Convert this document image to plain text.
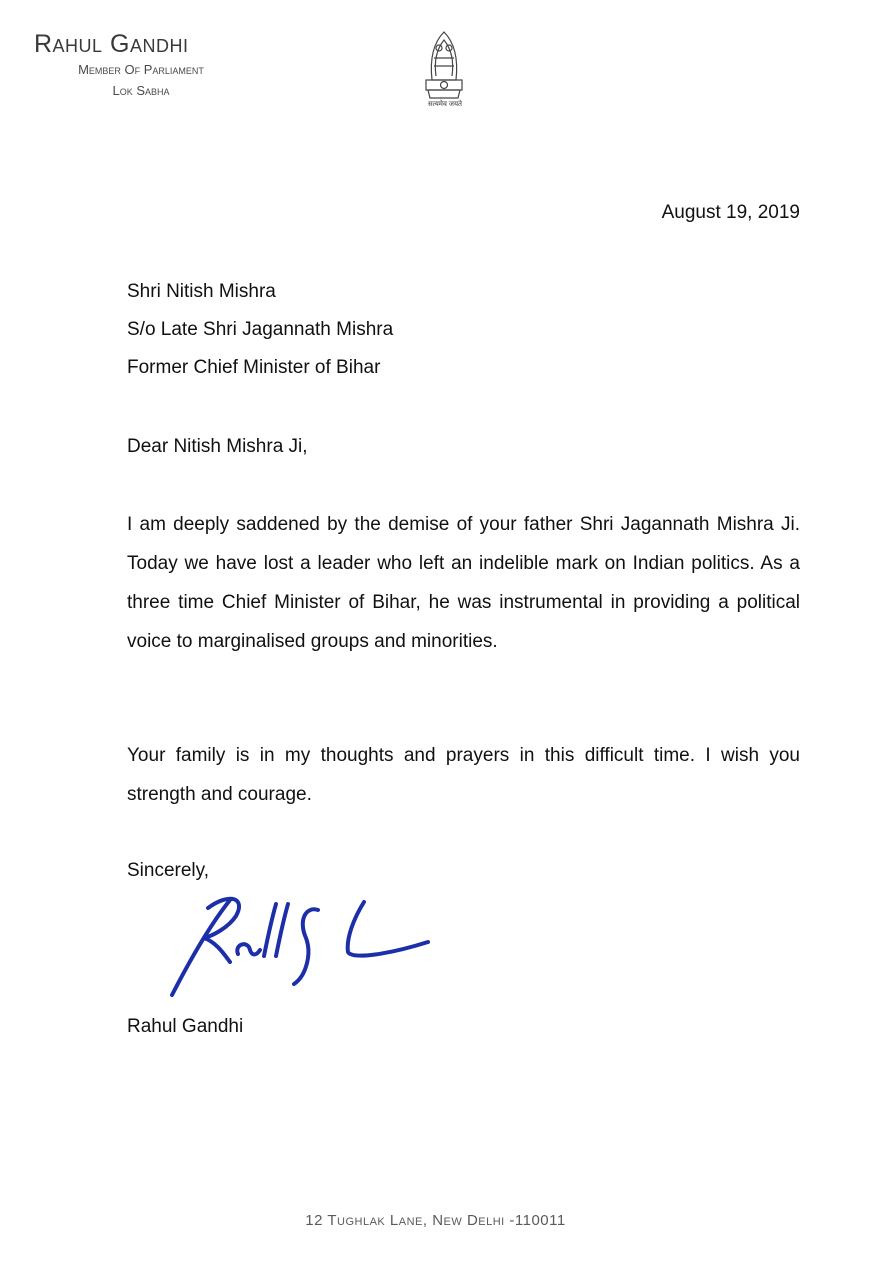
Rahul Gandhi
Member Of Parliament
Lok Sabha
सत्यमेव जयते
August 19, 2019
Shri Nitish Mishra
S/o Late Shri Jagannath Mishra
Former Chief Minister of Bihar
Dear Nitish Mishra Ji,

I am deeply saddened by the demise of your father Shri Jagannath Mishra Ji. Today we have lost a leader who left an indelible mark on Indian politics. As a three time Chief Minister of Bihar, he was instrumental in providing a political voice to marginalised groups and minorities.

Your family is in my thoughts and prayers in this difficult time. I wish you strength and courage.

Sincerely,
Rahul Gandhi
12 Tughlak Lane, New Delhi -110011
